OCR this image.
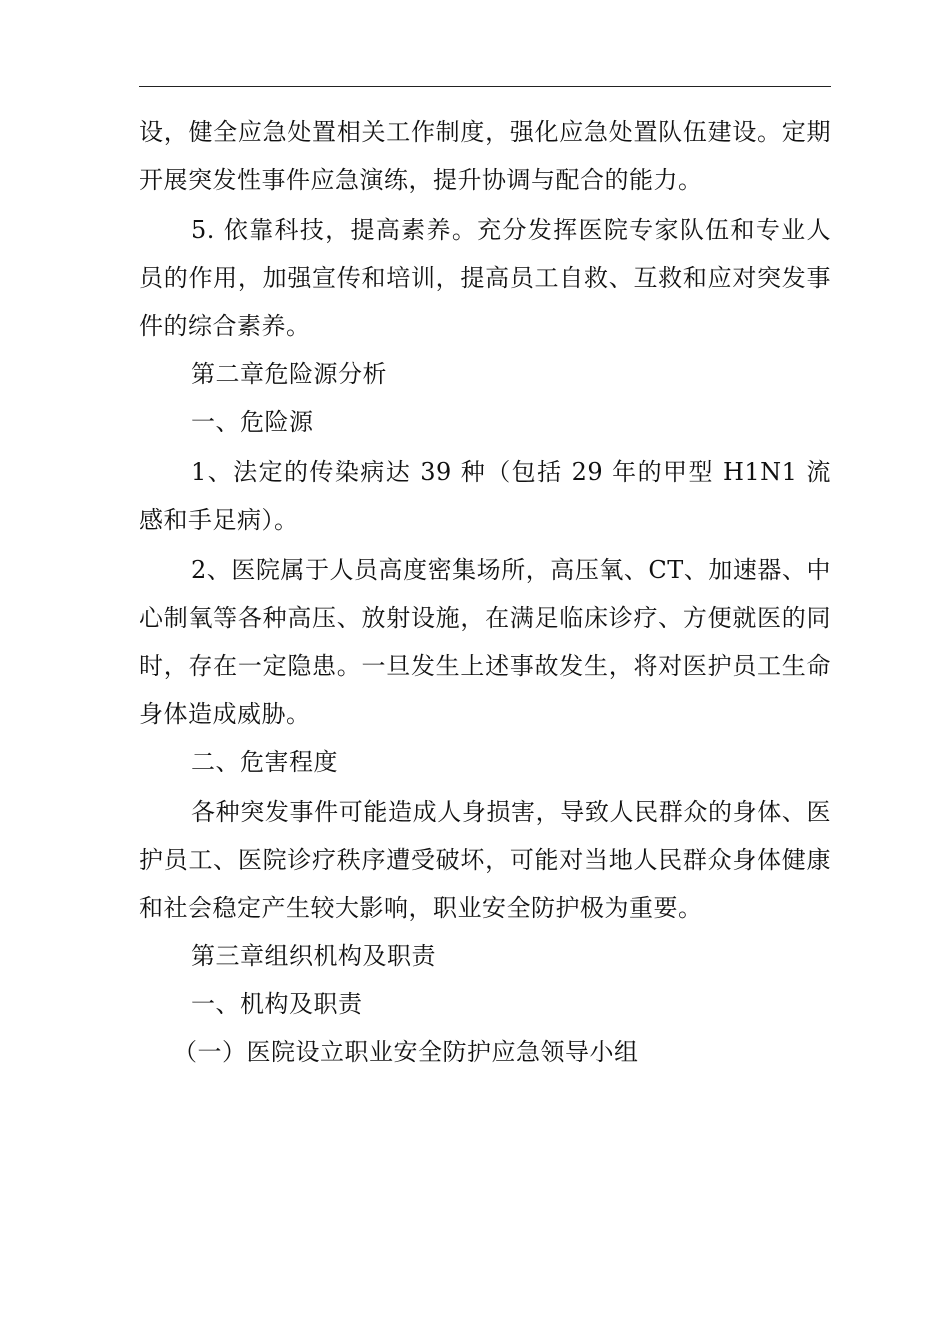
设，健全应急处置相关工作制度，强化应急处置队伍建设。定期开展突发性事件应急演练，提升协调与配合的能力。

5. 依靠科技，提高素养。充分发挥医院专家队伍和专业人员的作用，加强宣传和培训，提高员工自救、互救和应对突发事件的综合素养。

第二章危险源分析

一、危险源

1、法定的传染病达 39 种（包括 29 年的甲型 H1N1 流感和手足病）。

2、医院属于人员高度密集场所，高压氧、CT、加速器、中心制氧等各种高压、放射设施，在满足临床诊疗、方便就医的同时，存在一定隐患。一旦发生上述事故发生，将对医护员工生命身体造成威胁。

二、危害程度

各种突发事件可能造成人身损害，导致人民群众的身体、医护员工、医院诊疗秩序遭受破坏，可能对当地人民群众身体健康和社会稳定产生较大影响，职业安全防护极为重要。

第三章组织机构及职责

一、机构及职责

（一）医院设立职业安全防护应急领导小组
